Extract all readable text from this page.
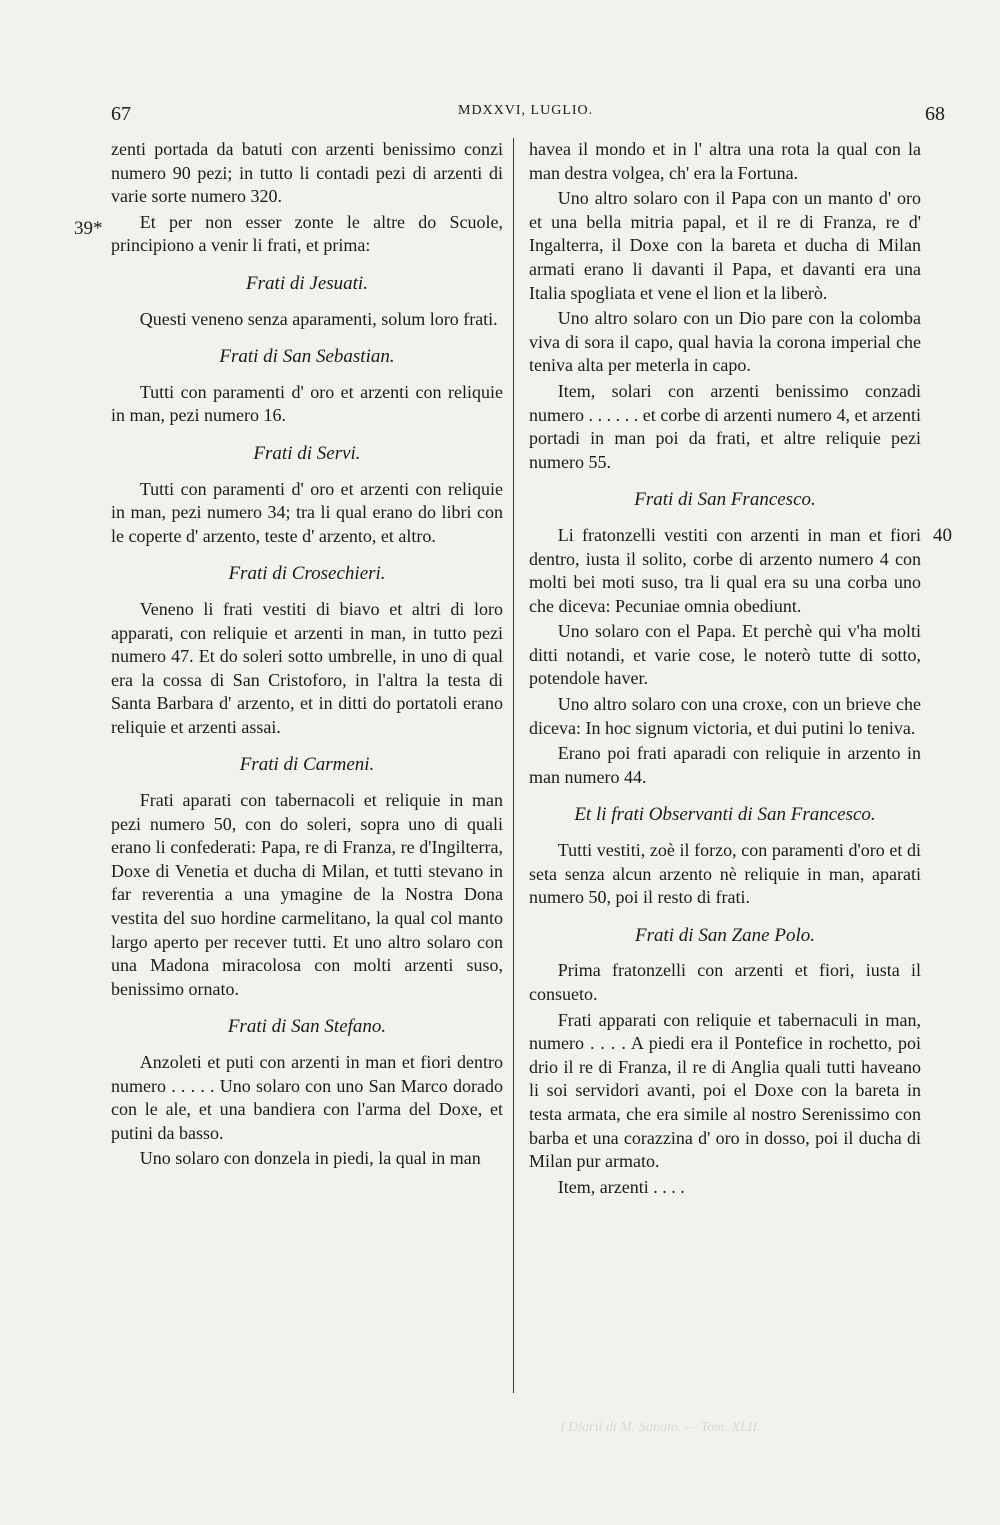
67	MDXXVI, LUGLIO.	68
39*
40

zenti portada da batuti con arzenti benissimo conzi numero 90 pezi; in tutto li contadi pezi di arzenti di varie sorte numero 320.

Et per non esser zonte le altre do Scuole, principiono a venir li frati, et prima:

Frati di Jesuati.

Questi veneno senza aparamenti, solum loro frati.

Frati di San Sebastian.

Tutti con paramenti d' oro et arzenti con reliquie in man, pezi numero 16.

Frati di Servi.

Tutti con paramenti d' oro et arzenti con reliquie in man, pezi numero 34; tra li qual erano do libri con le coperte d' arzento, teste d' arzento, et altro.

Frati di Crosechieri.

Veneno li frati vestiti di biavo et altri di loro apparati, con reliquie et arzenti in man, in tutto pezi numero 47. Et do soleri sotto umbrelle, in uno di qual era la cossa di San Cristoforo, in l'altra la testa di Santa Barbara d' arzento, et in ditti do portatoli erano reliquie et arzenti assai.

Frati di Carmeni.

Frati aparati con tabernacoli et reliquie in man pezi numero 50, con do soleri, sopra uno di quali erano li confederati: Papa, re di Franza, re d'Ingilterra, Doxe di Venetia et ducha di Milan, et tutti stevano in far reverentia a una ymagine de la Nostra Dona vestita del suo hordine carmelitano, la qual col manto largo aperto per recever tutti. Et uno altro solaro con una Madona miracolosa con molti arzenti suso, benissimo ornato.

Frati di San Stefano.

Anzoleti et puti con arzenti in man et fiori dentro numero . . . . . Uno solaro con uno San Marco dorado con le ale, et una bandiera con l'arma del Doxe, et putini da basso.

Uno solaro con donzela in piedi, la qual in man

havea il mondo et in l' altra una rota la qual con la man destra volgea, ch' era la Fortuna.

Uno altro solaro con il Papa con un manto d' oro et una bella mitria papal, et il re di Franza, re d' Ingalterra, il Doxe con la bareta et ducha di Milan armati erano li davanti il Papa, et davanti era una Italia spogliata et vene el lion et la liberò.

Uno altro solaro con un Dio pare con la colomba viva di sora il capo, qual havia la corona imperial che teniva alta per meterla in capo.

Item, solari con arzenti benissimo conzadi numero . . . . . . et corbe di arzenti numero 4, et arzenti portadi in man poi da frati, et altre reliquie pezi numero 55.

Frati di San Francesco.

Li fratonzelli vestiti con arzenti in man et fiori dentro, iusta il solito, corbe di arzento numero 4 con molti bei moti suso, tra li qual era su una corba uno che diceva: Pecuniae omnia obediunt.

Uno solaro con el Papa. Et perchè qui v'ha molti ditti notandi, et varie cose, le noterò tutte di sotto, potendole haver.

Uno altro solaro con una croxe, con un brieve che diceva: In hoc signum victoria, et dui putini lo teniva.

Erano poi frati aparadi con reliquie in arzento in man numero 44.

Et li frati Observanti di San Francesco.

Tutti vestiti, zoè il forzo, con paramenti d'oro et di seta senza alcun arzento nè reliquie in man, aparati numero 50, poi il resto di frati.

Frati di San Zane Polo.

Prima fratonzelli con arzenti et fiori, iusta il consueto.

Frati apparati con reliquie et tabernaculi in man, numero . . . . A piedi era il Pontefice in rochetto, poi drio il re di Franza, il re di Anglia quali tutti haveano li soi servidori avanti, poi el Doxe con la bareta in testa armata, che era simile al nostro Serenissimo con barba et una corazzina d' oro in dosso, poi il ducha di Milan pur armato.

Item, arzenti . . . .

I Diarii di M. Sanuto. — Tom. XLII.
